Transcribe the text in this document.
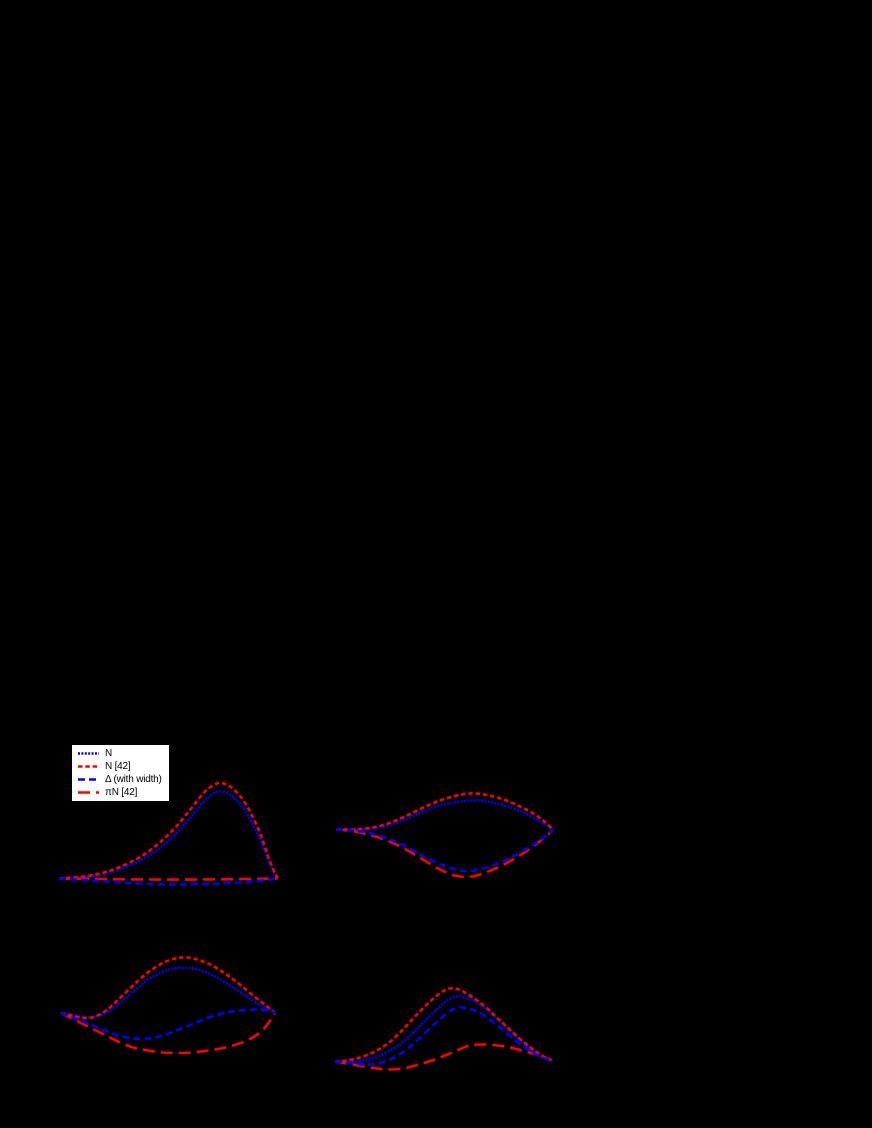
N
N [42]
Δ (with width)
πN [42]
